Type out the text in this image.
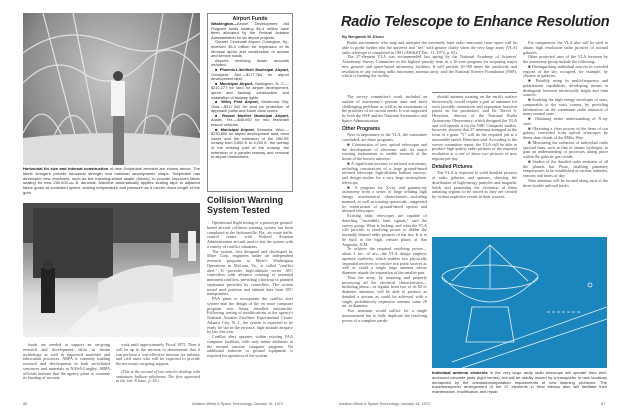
Horizontal fin size and internal construction of new Schjeldahl aerostat are shown above. The fabric stringers provide structural strength and maintain aerodynamic shape. Schjeldahl has developed new machines, such as the traveling-wheel sealer (below), to provide improved fabric sealing for new 250,000-cu.-ft. aerostat. Machine automatically applies sealing tape to adjacent fabric gores at controlled speed, sealing temperature and pressure as it moves down length of the gore.

funds are needed to support an on-going research and development effort in denim technology as well as improved materials and fabrication processes. ARPA is currently funding research and development in both air-inflated structures and materials at NASA-Langley. ARPA officials indicate that the agency plans to continue its funding of aerostat

work until approximately Fiscal 1975. Then it will be up to the aerostat to demonstrate that it can perform a cost-effective mission for military and civil users who will be expected to provide the necessary on-going support.

(This is the second of two articles dealing with stationary balloon platforms. The first appeared in the Jan. 8 issue, p. 56.)

Airport Funds

Washington—Airport Development Aid Program funds totaling $4.4 million have been allocated by the Federal Aviation Administration for six airport projects.

Greater Cincinnati Airport, Covington, Ky., received $3.4 million for expansion of its terminal apron and construction of access and service roads.

Airports receiving lesser amounts included:

■ Phoenix-Litchfield Municipal Airport, Goodyear, Ariz.—$177,784 for airport development land.

■ Municipal Airport, Burlington, N. C.—$210,277 for land for airport development, apron and taxiway construction and installation of taxiway lights.

■ Wiley Post Airport, Oklahoma City, Okla.—$317,342 for land for protection of approach paths and future clear zones.

■ Robert Mueller Municipal Airport, Austin, Tex.—$48,000 for two fire/crash rescue vehicles.

■ Municipal Airport, Kenosha, Wisc.—$230,850 for airport development land, clear zones and the extension of the NW-SE runway from 3,600 ft. to 4,200 ft., the overlay of the existing part of the runway, the extension of a parallel taxiway and removal of airport obstructions.

Collision Warning System Tested

Operational flight testing of a prototype ground-based aircraft collision warning system has been completed at the Jacksonville, Fla., air route traffic control center, with Federal Aviation Administration aircraft used to test the system with a variety of conflict situations.

The system, first designed and developed by Mitre Corp. engineers under an independent research program at Mitre's Washington Operations in McLean, Va., is called "conflict alert." It provides high-altitude sector ATC controllers with advance warning of potential imminent conflicts, providing a back-up to planned separation provided by controllers. The system tested used position and altitude data from ATC transponders.

FAA plans to incorporate the conflict alert system into the design of the en route computer program now being installed nationwide. Following testing of modifications at the agency's National Aviation Facilities Experimental Center, Atlantic City, N. J., the system is expected to be ready for use in the en route, high-altitude airspace by late this year.

Conflict alert operates within existing FAA computer facilities, with only minor additions to the normal enroute computer program. No additional airborne or ground equipment is required for operation of the system.

86	Aviation Week & Space Technology, January 15, 1973
Radio Telescope to Enhance Resolution
By Benjamin M. Elson

Radio astronomers who map and interpret the extremely faint radio emissions from space will be able to probe further into the universe and "see" with greater clarity when the very large array (VLA) radio telescope is completed in 1981 (AW&ST Dec. 11, 1972, p. 65).

The 27-element VLA was recommended last spring by the National Academy of Sciences' Astronomy Survey Committee as the highest priority item in a 10-year program for acquiring major new ground- and space-based astronomy facilities. It will provide 10-100 times the sensitivity and resolution of any existing radio astronomy antenna array, said the National Science Foundation (NSF), which is funding the facility.

The survey committee's work included an outline of astronomy's present state and most challenging problems as well as an assessment of the priorities of its current needs. It was supported by both the NSF and the National Aeronautics and Space Administration.

Other Programs

Next in importance to the VLA, the committee concluded, are these programs:

■ Construction of new optical telescopes and the development of electronic aids for major existing instruments to enable research at the limits of the known universe.

■ A significant increase in infrared astronomy, including construction of a large ground-based infrared telescope, high-altitude balloon surveys, and design studies for a very large stratospheric telescope.

■ A program for X-ray and gamma-ray astronomy from a series of large orbiting high energy astronomical observatories—including manned, as well as rotating spacecraft—supported by construction of ground-based optical and infrared telescopes.

Existing radio telescopes are capable of detecting "incredibly faint signals," said the survey group. What is lacking, and what the VLA will provide, is resolving power to deblur the normally blurred radio pictures of the sky. It is to be built in the high, remote plains of San Augustin, N.M.

To achieve the required resolving power—about 1 sec. of arc—the VLA design employs aperture synthesis, which enables two physically separated receivers to resolve two point sources as well as could a single large antenna whose diameter equals the separation of the smaller pair.

Thus the array, by retaining and properly processing all the electrical characteristics—including phase—of signals from two of its 82-ft. diameter antennas, will be able to produce as detailed a picture as could be achieved with a single, prohibitively expensive antenna some 20 mi. in diameter.

Two antennas would suffice for a single measurement but to fully duplicate the resolving power of a complete parab-

oloidal antenna rotating on the earth's surface theoretically would require a pair of antennas for each possible orientation and separation between points on the paraboloid, said Dr. David S. Heeschen, director of the National Radio Astronomy Observatory, which designed the VLA and will operate it for the NSF. Computer studies, however, showed that 27 antennas arranged in the form of a giant "Y" will do the required job at a reasonable speed, Heeschen said. According to the survey committee report, the VLA will be able to produce high quality radio pictures of the required resolution at a rate of about two pictures of new regions per day.

Detailed Pictures

The VLA is expected to yield detailed pictures of radio galaxies and quasars, showing the distribution of high-energy particles and magnetic fields and permitting the evolution of these radiating regions to be traced as they are created by violent explosive events in their sources.

For comparison, the VLA also will be used to obtain high resolution radio pictures of normal galaxies.

Other projected uses of the VLA foreseen by the astronomy group include the following:

■ Distinguishing individual sources in crowded regions of the sky occupied, for example, by clusters of galaxies.

■ Possibly using its multi-frequency and polarization capabilities, developing means to distinguish between intrinsically bright and faint sources.

■ Studying the high-energy envelopes of stars, comparable to the sun's corona, by providing information on the continuum radio emission of many normal stars.

■ Obtaining better understanding of X-ray stars.

■ Obtaining a clear picture of the heart of our galaxy, concealed from optical telescopes by dense dust clouds of the Milky Way.

■ Measuring the radiation of individual radio spectral lines, such as that of atomic hydrogen, to gain an understanding of processes taking place within the galactic gas clouds.

■ Studies of the detailed radio emission of all the planets but Pluto, enabling planetary temperatures to be established at various latitudes, seasons and times of day.

Nine antennas will be located along each of the three double railroad tracks

Individual antenna elements in the very large array radio telescope will operate from well-anchored concrete pads (right center), but will be readily moved by a transporter to new locations demanded by the orientation/separation requirements of new listening problems. The track/transporter arrangement of the 27 elements in New Mexico also will facilitate their maintenance, modification and repair.
Aviation Week & Space Technology, January 15, 1973	87
